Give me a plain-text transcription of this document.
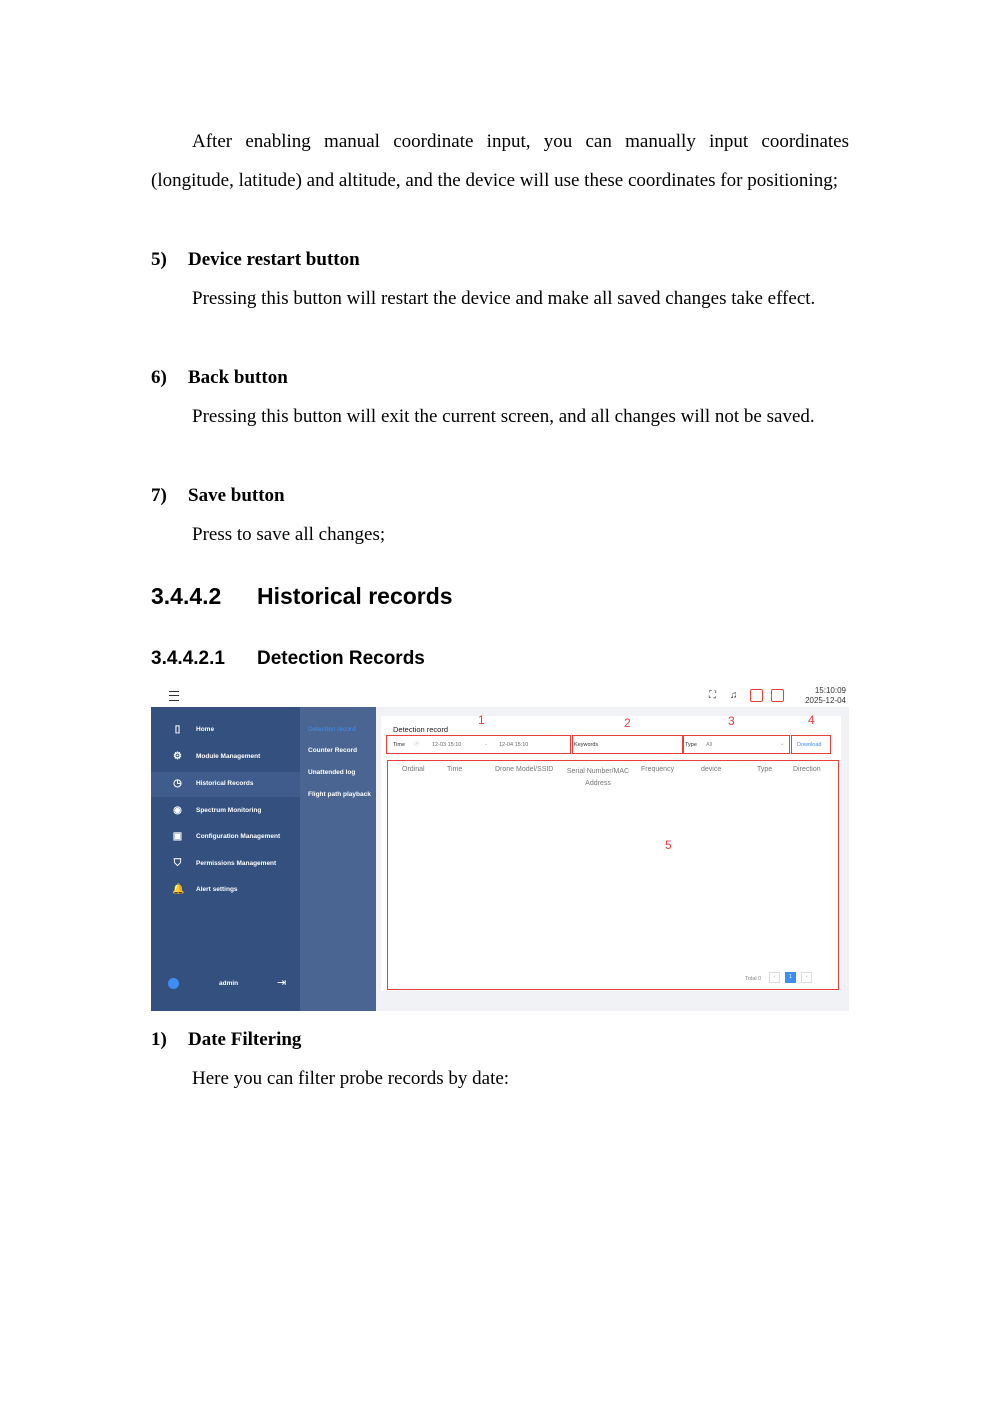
After enabling manual coordinate input, you can manually input coordinates (longitude, latitude) and altitude, and the device will use these coordinates for positioning;

5) Device restart button

Pressing this button will restart the device and make all saved changes take effect.

6) Back button

Pressing this button will exit the current screen, and all changes will not be saved.

7) Save button

Press to save all changes;

3.4.4.2 Historical records
3.4.4.2.1 Detection Records
⛶ ♫	15:10:09
2025-12-04
▯	Home
⚙ Module Management
◷ Historical Records
◉ Spectrum Monitoring
▣ Configuration Management
⛉ Permissions Management
🔔 Alert settings
Detection record
Counter Record
Unattended log
Flight path playback
admin	⇥
Detection record
Time ◷ 12-03 15:10	- 12-04 15:10	Keywords	Type All	⌄ Download
1	2	3	4
Ordinal	Time	Drone Model/SSID	Serial Number/MAC Address
Frequency	device	Type	Direction
5
Total 0	‹	1	›
1) Date Filtering

Here you can filter probe records by date:
